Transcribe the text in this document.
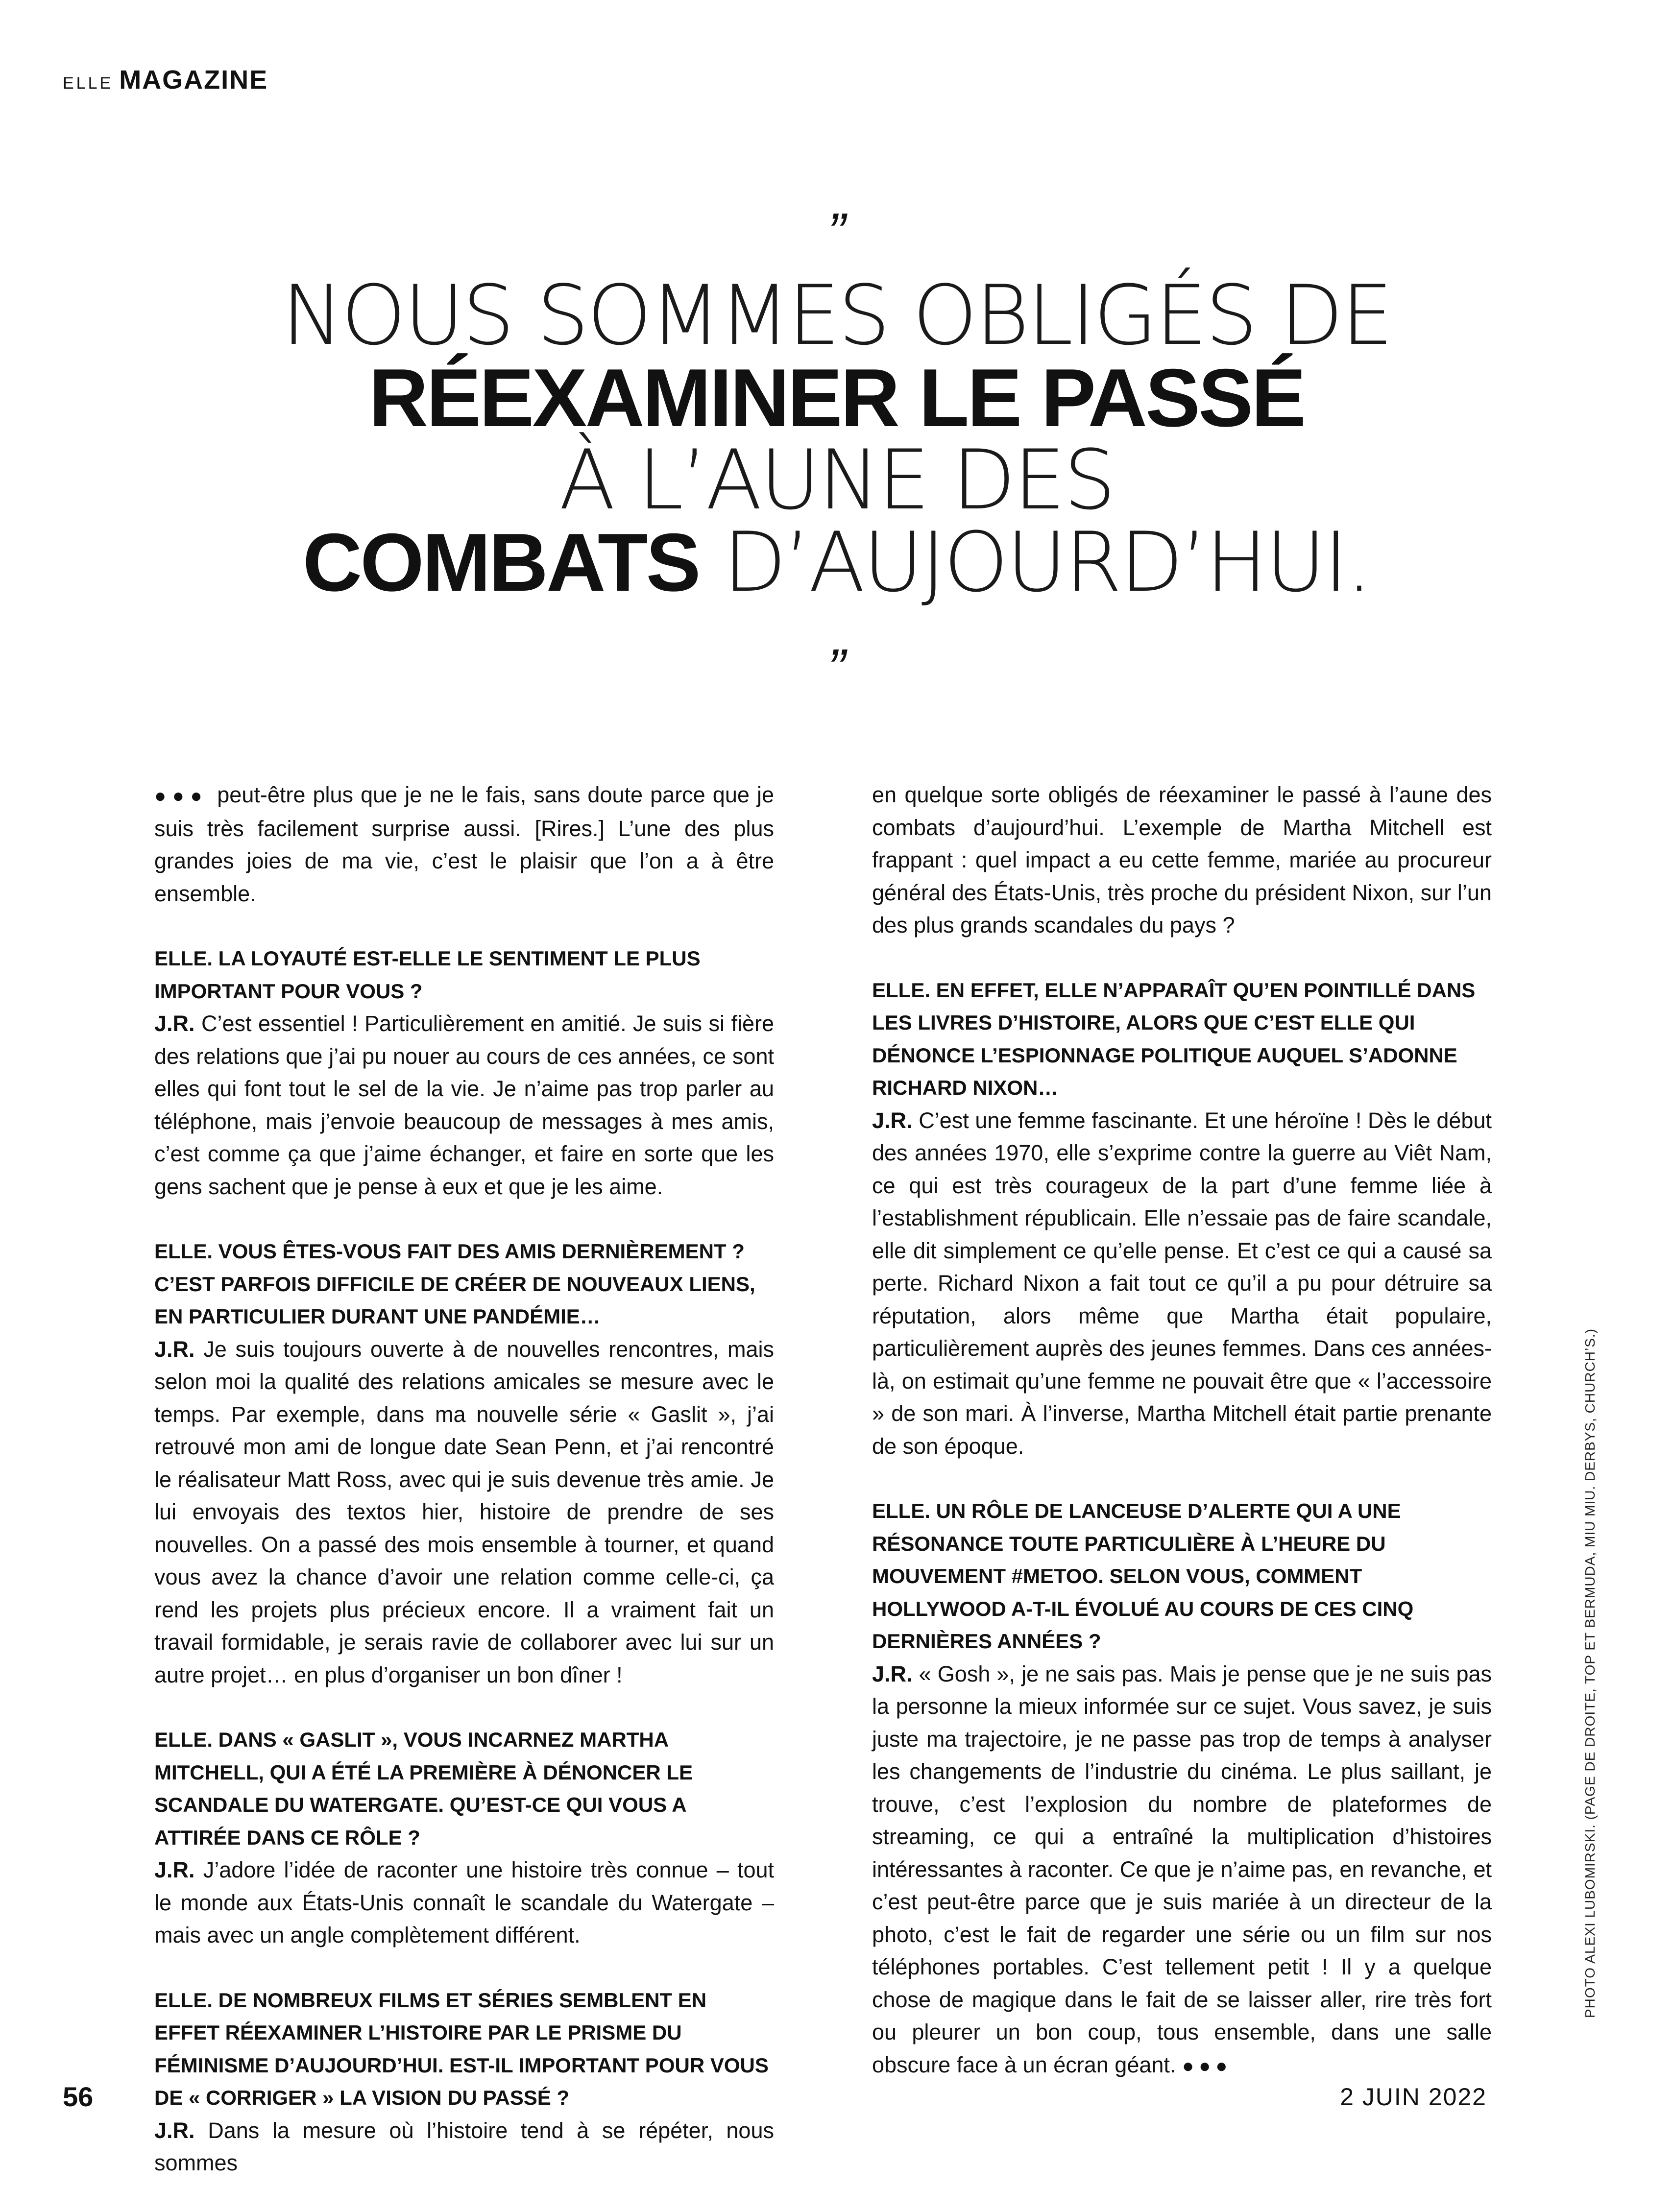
ELLE MAGAZINE
”
NOUS SOMMES OBLIGÉS DE
RÉEXAMINER LE PASSÉ
À L’AUNE DES
COMBATS D’AUJOURD’HUI.
”

●●● peut-être plus que je ne le fais, sans doute parce que je suis très facilement surprise aussi. [Rires.] L’une des plus grandes joies de ma vie, c’est le plaisir que l’on a à être ensemble.

ELLE. LA LOYAUTÉ EST-ELLE LE SENTIMENT LE PLUS IMPORTANT POUR VOUS ?

J.R. C’est essentiel ! Particulièrement en amitié. Je suis si fière des relations que j’ai pu nouer au cours de ces années, ce sont elles qui font tout le sel de la vie. Je n’aime pas trop parler au téléphone, mais j’envoie beaucoup de messages à mes amis, c’est comme ça que j’aime échanger, et faire en sorte que les gens sachent que je pense à eux et que je les aime.

ELLE. VOUS ÊTES-VOUS FAIT DES AMIS DERNIÈREMENT ? C’EST PARFOIS DIFFICILE DE CRÉER DE NOUVEAUX LIENS, EN PARTICULIER DURANT UNE PANDÉMIE…

J.R. Je suis toujours ouverte à de nouvelles rencontres, mais selon moi la qualité des relations amicales se mesure avec le temps. Par exemple, dans ma nouvelle série « Gaslit », j’ai retrouvé mon ami de longue date Sean Penn, et j’ai rencontré le réalisateur Matt Ross, avec qui je suis devenue très amie. Je lui envoyais des textos hier, histoire de prendre de ses nouvelles. On a passé des mois ensemble à tourner, et quand vous avez la chance d’avoir une relation comme celle-ci, ça rend les projets plus précieux encore. Il a vraiment fait un travail formidable, je serais ravie de collaborer avec lui sur un autre projet… en plus d’organiser un bon dîner !

ELLE. DANS « GASLIT », VOUS INCARNEZ MARTHA MITCHELL, QUI A ÉTÉ LA PREMIÈRE À DÉNONCER LE SCANDALE DU WATERGATE. QU’EST-CE QUI VOUS A ATTIRÉE DANS CE RÔLE ?

J.R. J’adore l’idée de raconter une histoire très connue – tout le monde aux États-Unis connaît le scandale du Watergate – mais avec un angle complètement différent.

ELLE. DE NOMBREUX FILMS ET SÉRIES SEMBLENT EN EFFET RÉEXAMINER L’HISTOIRE PAR LE PRISME DU FÉMINISME D’AUJOURD’HUI. EST-IL IMPORTANT POUR VOUS DE « CORRIGER » LA VISION DU PASSÉ ?

J.R. Dans la mesure où l’histoire tend à se répéter, nous sommes

en quelque sorte obligés de réexaminer le passé à l’aune des combats d’aujourd’hui. L’exemple de Martha Mitchell est frappant : quel impact a eu cette femme, mariée au procureur général des États-Unis, très proche du président Nixon, sur l’un des plus grands scandales du pays ?

ELLE. EN EFFET, ELLE N’APPARAÎT QU’EN POINTILLÉ DANS LES LIVRES D’HISTOIRE, ALORS QUE C’EST ELLE QUI DÉNONCE L’ESPIONNAGE POLITIQUE AUQUEL S’ADONNE RICHARD NIXON…

J.R. C’est une femme fascinante. Et une héroïne ! Dès le début des années 1970, elle s’exprime contre la guerre au Viêt Nam, ce qui est très courageux de la part d’une femme liée à l’establishment républicain. Elle n’essaie pas de faire scandale, elle dit simplement ce qu’elle pense. Et c’est ce qui a causé sa perte. Richard Nixon a fait tout ce qu’il a pu pour détruire sa réputation, alors même que Martha était populaire, particulièrement auprès des jeunes femmes. Dans ces années-là, on estimait qu’une femme ne pouvait être que « l’accessoire » de son mari. À l’inverse, Martha Mitchell était partie prenante de son époque.

ELLE. UN RÔLE DE LANCEUSE D’ALERTE QUI A UNE RÉSONANCE TOUTE PARTICULIÈRE À L’HEURE DU MOUVEMENT #METOO. SELON VOUS, COMMENT HOLLYWOOD A-T-IL ÉVOLUÉ AU COURS DE CES CINQ DERNIÈRES ANNÉES ?

J.R. « Gosh », je ne sais pas. Mais je pense que je ne suis pas la personne la mieux informée sur ce sujet. Vous savez, je suis juste ma trajectoire, je ne passe pas trop de temps à analyser les changements de l’industrie du cinéma. Le plus saillant, je trouve, c’est l’explosion du nombre de plateformes de streaming, ce qui a entraîné la multiplication d’histoires intéressantes à raconter. Ce que je n’aime pas, en revanche, et c’est peut-être parce que je suis mariée à un directeur de la photo, c’est le fait de regarder une série ou un film sur nos téléphones portables. C’est tellement petit ! Il y a quelque chose de magique dans le fait de se laisser aller, rire très fort ou pleurer un bon coup, tous ensemble, dans une salle obscure face à un écran géant. ●●●

PHOTO ALEXI LUBOMIRSKI. (PAGE DE DROITE, TOP ET BERMUDA, MIU MIU. DERBYS, CHURCH’S.)
56	2 JUIN 2022
